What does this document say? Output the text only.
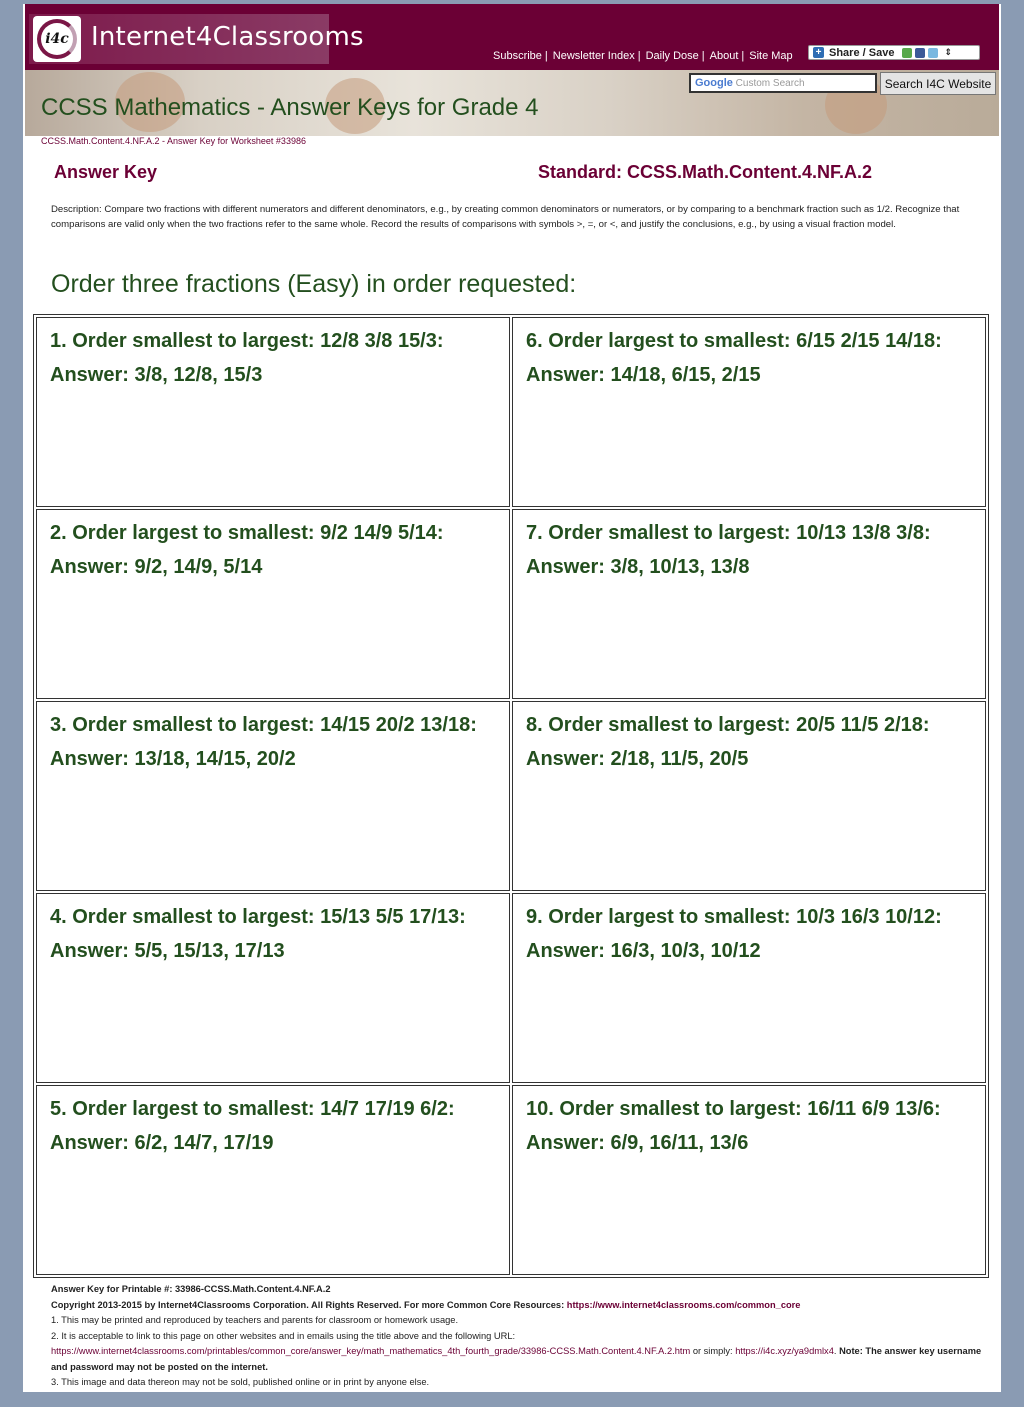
i4c Internet4Classrooms
Subscribe | Newsletter Index | Daily Dose | About | Site Map + Share / Save	⇕
Google Custom Search	Search I4C Website
CCSS Mathematics - Answer Keys for Grade 4
CCSS.Math.Content.4.NF.A.2 - Answer Key for Worksheet #33986
Answer Key	Standard: CCSS.Math.Content.4.NF.A.2
Description: Compare two fractions with different numerators and different denominators, e.g., by creating common denominators or numerators, or by comparing to a benchmark fraction such as 1/2. Recognize that comparisons are valid only when the two fractions refer to the same whole. Record the results of comparisons with symbols >, =, or <, and justify the conclusions, e.g., by using a visual fraction model.
Order three fractions (Easy) in order requested:

1. Order smallest to largest: 12/8 3/8 15/3:

Answer: 3/8, 12/8, 15/3

6. Order largest to smallest: 6/15 2/15 14/18:

Answer: 14/18, 6/15, 2/15

2. Order largest to smallest: 9/2 14/9 5/14:

Answer: 9/2, 14/9, 5/14

7. Order smallest to largest: 10/13 13/8 3/8:

Answer: 3/8, 10/13, 13/8

3. Order smallest to largest: 14/15 20/2 13/18:

Answer: 13/18, 14/15, 20/2

8. Order smallest to largest: 20/5 11/5 2/18:

Answer: 2/18, 11/5, 20/5

4. Order smallest to largest: 15/13 5/5 17/13:

Answer: 5/5, 15/13, 17/13

9. Order largest to smallest: 10/3 16/3 10/12:

Answer: 16/3, 10/3, 10/12

5. Order largest to smallest: 14/7 17/19 6/2:

Answer: 6/2, 14/7, 17/19

10. Order smallest to largest: 16/11 6/9 13/6:

Answer: 6/9, 16/11, 13/6

Answer Key for Printable #: 33986-CCSS.Math.Content.4.NF.A.2
Copyright 2013-2015 by Internet4Classrooms Corporation. All Rights Reserved. For more Common Core Resources: https://www.internet4classrooms.com/common_core
1. This may be printed and reproduced by teachers and parents for classroom or homework usage.
2. It is acceptable to link to this page on other websites and in emails using the title above and the following URL:
https://www.internet4classrooms.com/printables/common_core/answer_key/math_mathematics_4th_fourth_grade/33986-CCSS.Math.Content.4.NF.A.2.htm or simply: https://i4c.xyz/ya9dmlx4. Note: The answer key username and password may not be posted on the internet.
3. This image and data thereon may not be sold, published online or in print by anyone else.
